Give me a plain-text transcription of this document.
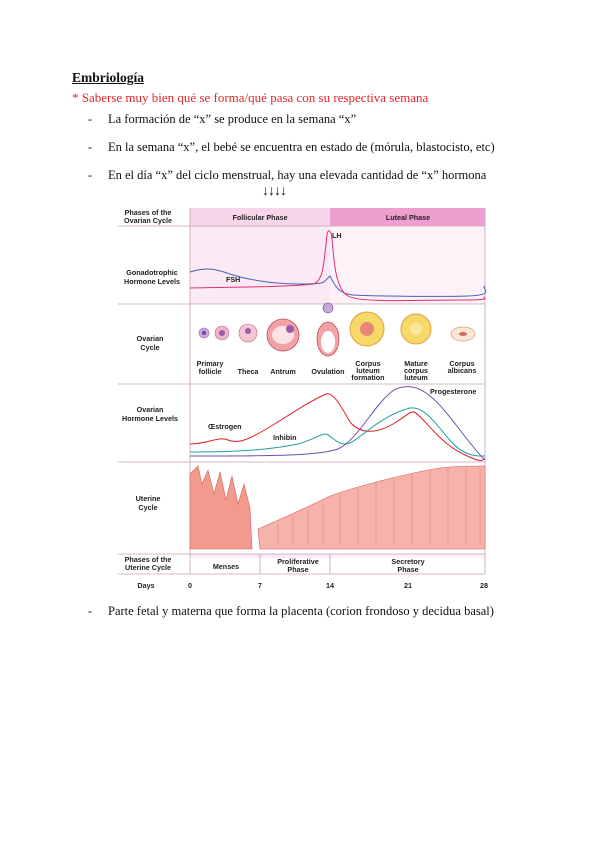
Embriología
* Saberse muy bien qué se forma/qué pasa con su respectiva semana
- La formación de “x” se produce en la semana “x”
- En la semana “x”, el bebé se encuentra en estado de (mórula, blastocisto, etc)
- En el día “x” del ciclo menstrual, hay una elevada cantidad de “x” hormona
↓↓↓↓
Phases of the
Ovarian Cycle
Gonadotrophic
Hormone Levels
Ovarian
Cycle
Ovarian
Hormone Levels
Uterine
Cycle
Phases of the
Uterine Cycle
Days
Follicular Phase	Luteal Phase
LH
FSH
Primary
follicle Theca Antrum Ovulation
Corpus
luteum
formation
Mature
corpus
luteum
Corpus
albicans
Œstrogen
Inhibin
Progesterone
Menses
Proliferative
Phase
Secretory
Phase
0	7	14	21	28
- Parte fetal y materna que forma la placenta (corion frondoso y decidua basal)
